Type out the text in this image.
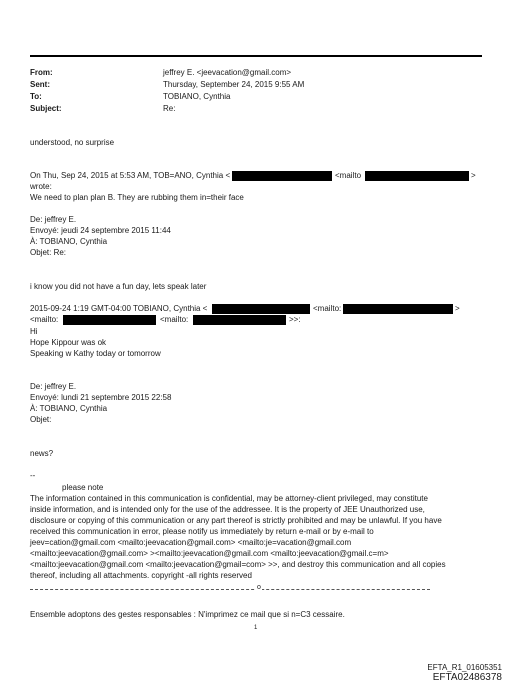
From:	jeffrey E. <jeevacation@gmail.com>
Sent:	Thursday, September 24, 2015 9:55 AM
To:	TOBIANO, Cynthia
Subject:	Re:
understood, no surprise
On Thu, Sep 24, 2015 at 5:53 AM, TOB=ANO, Cynthia <	<mailto	>
wrote:
We need to plan plan B. They are rubbing them in=their face
De: jeffrey E.
Envoyé: jeudi 24 septembre 2015 11:44
À: TOBIANO, Cynthia
Objet: Re:
i know you did not have a fun day, lets speak later
2015-09-24 1:19 GMT-04:00 TOBIANO, Cynthia <	<mailto:	>
<mailto:	<mailto:	>>:
Hi
Hope Kippour was ok
Speaking w Kathy today or tomorrow
De: jeffrey E.
Envoyé: lundi 21 septembre 2015 22:58
À: TOBIANO, Cynthia
Objet:
news?
--
please note
The information contained in this communication is confidential, may be attorney-client privileged, may constitute
inside information, and is intended only for the use of the addressee. It is the property of JEE Unauthorized use,
disclosure or copying of this communication or any part thereof is strictly prohibited and may be unlawful. If you have
received this communication in error, please notify us immediately by return e-mail or by e-mail to
jeev=cation@gmail.com <mailto:jeevacation@gmail.com> <mailto:je=vacation@gmail.com
<mailto:jeevacation@gmail.com> ><mailto:jeevacation@gmail.com <mailto:jeevacation@gmail.c=m>
<mailto:jeevacation@gmail.com <mailto:jeevacation@gmail=com> >>, and destroy this communication and all copies
thereof, including all attachments. copyright -all rights reserved
o
Ensemble adoptons des gestes responsables : N'imprimez ce mail que si n=C3 cessaire.
1
EFTA_R1_01605351
EFTA02486378
